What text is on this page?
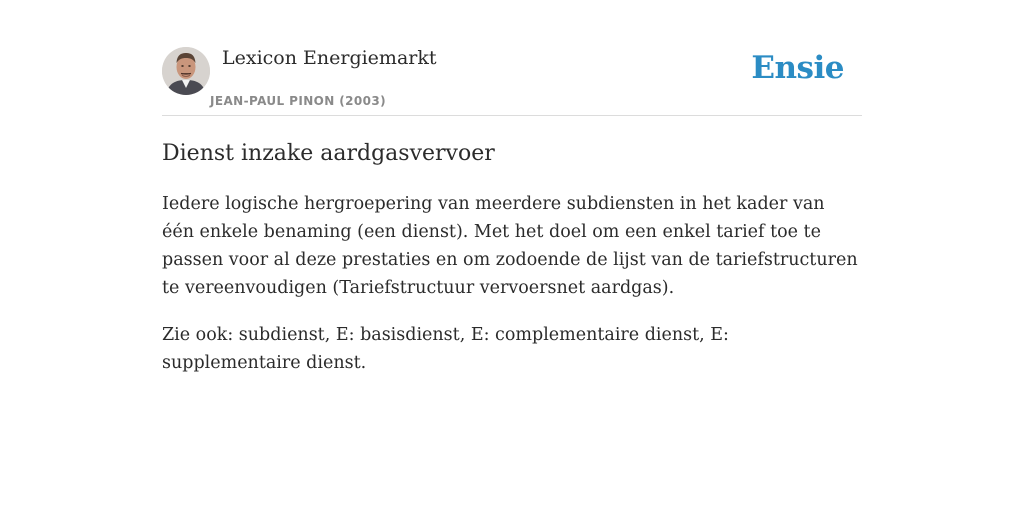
Lexicon Energiemarkt
JEAN-PAUL PINON (2003)
Ensie
Dienst inzake aardgasvervoer

Iedere logische hergroepering van meerdere subdiensten in het kader van één enkele benaming (een dienst). Met het doel om een enkel tarief toe te passen voor al deze prestaties en om zodoende de lijst van de tariefstructuren te vereenvoudigen (Tariefstructuur vervoersnet aardgas).

Zie ook: subdienst, E: basisdienst, E: complementaire dienst, E: supplementaire dienst.
